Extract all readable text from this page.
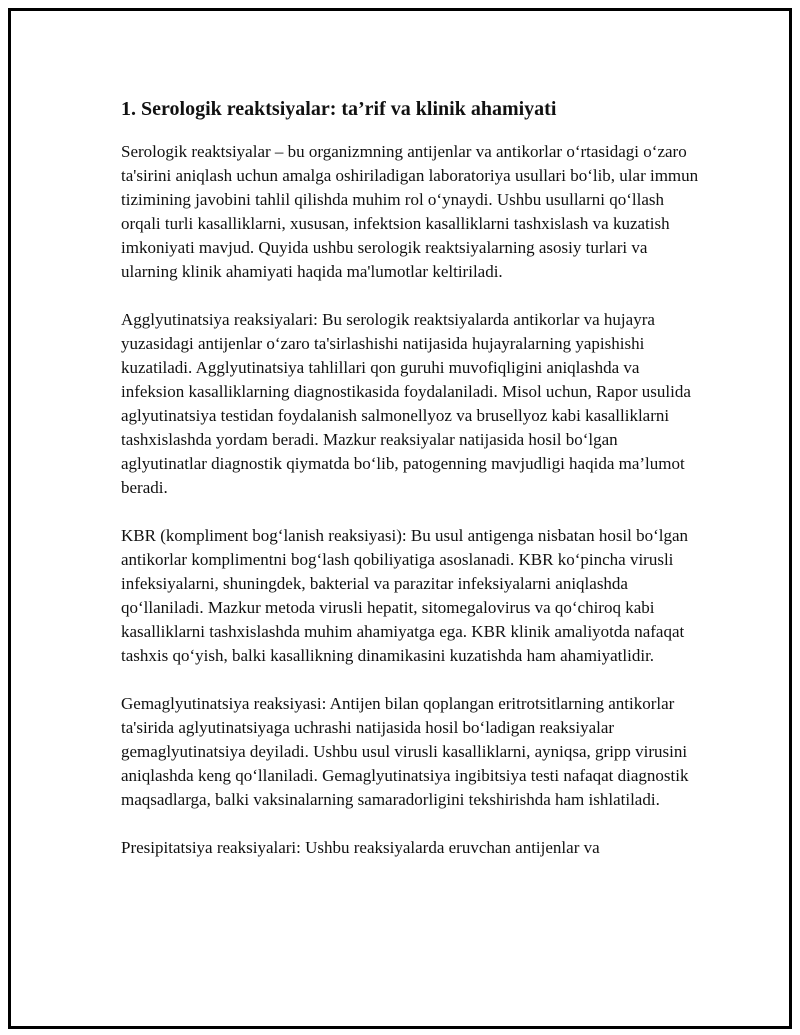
1. Serologik reaktsiyalar: ta’rif va klinik ahamiyati

Serologik reaktsiyalar – bu organizmning antijenlar va antikorlar o‘rtasidagi o‘zaro ta'sirini aniqlash uchun amalga oshiriladigan laboratoriya usullari bo‘lib, ular immun tizimining javobini tahlil qilishda muhim rol o‘ynaydi. Ushbu usullarni qo‘llash orqali turli kasalliklarni, xususan, infektsion kasalliklarni tashxislash va kuzatish imkoniyati mavjud. Quyida ushbu serologik reaktsiyalarning asosiy turlari va ularning klinik ahamiyati haqida ma'lumotlar keltiriladi.

Agglyutinatsiya reaksiyalari: Bu serologik reaktsiyalarda antikorlar va hujayra yuzasidagi antijenlar o‘zaro ta'sirlashishi natijasida hujayralarning yapishishi kuzatiladi. Agglyutinatsiya tahlillari qon guruhi muvofiqligini aniqlashda va infeksion kasalliklarning diagnostikasida foydalaniladi. Misol uchun, Rapor usulida aglyutinatsiya testidan foydalanish salmonellyoz va brusellyoz kabi kasalliklarni tashxislashda yordam beradi. Mazkur reaksiyalar natijasida hosil bo‘lgan aglyutinatlar diagnostik qiymatda bo‘lib, patogenning mavjudligi haqida ma’lumot beradi.

KBR (kompliment bog‘lanish reaksiyasi): Bu usul antigenga nisbatan hosil bo‘lgan antikorlar komplimentni bog‘lash qobiliyatiga asoslanadi. KBR ko‘pincha virusli infeksiyalarni, shuningdek, bakterial va parazitar infeksiyalarni aniqlashda qo‘llaniladi. Mazkur metoda virusli hepatit, sitomegalovirus va qo‘chiroq kabi kasalliklarni tashxislashda muhim ahamiyatga ega. KBR klinik amaliyotda nafaqat tashxis qo‘yish, balki kasallikning dinamikasini kuzatishda ham ahamiyatlidir.

Gemaglyutinatsiya reaksiyasi: Antijen bilan qoplangan eritrotsitlarning antikorlar ta'sirida aglyutinatsiyaga uchrashi natijasida hosil bo‘ladigan reaksiyalar gemaglyutinatsiya deyiladi. Ushbu usul virusli kasalliklarni, ayniqsa, gripp virusini aniqlashda keng qo‘llaniladi. Gemaglyutinatsiya ingibitsiya testi nafaqat diagnostik maqsadlarga, balki vaksinalarning samaradorligini tekshirishda ham ishlatiladi.

Presipitatsiya reaksiyalari: Ushbu reaksiyalarda eruvchan antijenlar va
